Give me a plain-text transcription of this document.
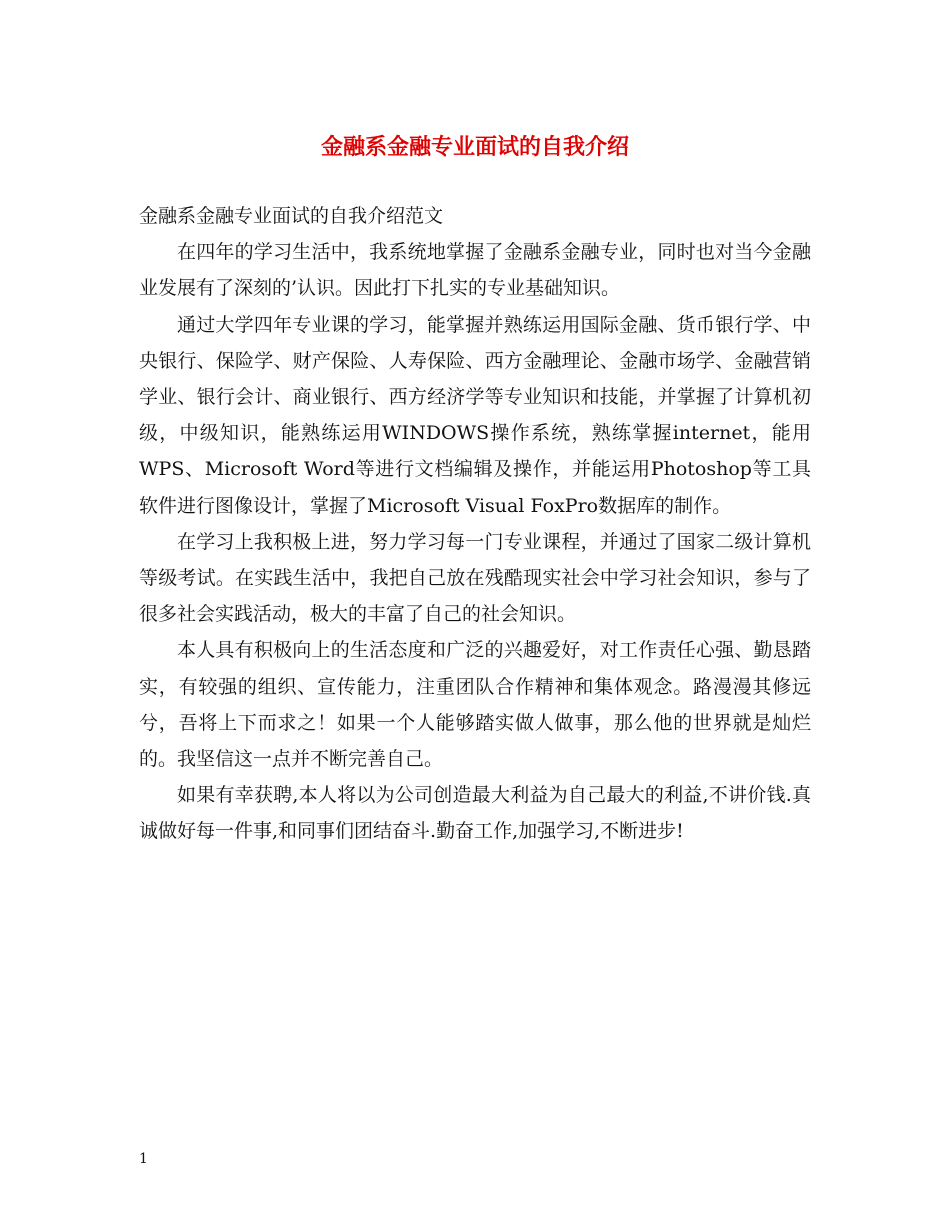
金融系金融专业面试的自我介绍

金融系金融专业面试的自我介绍范文

在四年的学习生活中，我系统地掌握了金融系金融专业，同时也对当今金融业发展有了深刻的’认识。因此打下扎实的专业基础知识。

通过大学四年专业课的学习，能掌握并熟练运用国际金融、货币银行学、中央银行、保险学、财产保险、人寿保险、西方金融理论、金融市场学、金融营销学业、银行会计、商业银行、西方经济学等专业知识和技能，并掌握了计算机初级，中级知识，能熟练运用WINDOWS操作系统，熟练掌握internet，能用WPS、Microsoft Word等进行文档编辑及操作，并能运用Photoshop等工具软件进行图像设计，掌握了Microsoft Visual FoxPro数据库的制作。

在学习上我积极上进，努力学习每一门专业课程，并通过了国家二级计算机等级考试。在实践生活中，我把自己放在残酷现实社会中学习社会知识，参与了很多社会实践活动，极大的丰富了自己的社会知识。

本人具有积极向上的生活态度和广泛的兴趣爱好，对工作责任心强、勤恳踏实，有较强的组织、宣传能力，注重团队合作精神和集体观念。路漫漫其修远兮，吾将上下而求之！如果一个人能够踏实做人做事，那么他的世界就是灿烂的。我坚信这一点并不断完善自己。

如果有幸获聘,本人将以为公司创造最大利益为自己最大的利益,不讲价钱.真诚做好每一件事,和同事们团结奋斗.勤奋工作,加强学习,不断进步!

1
